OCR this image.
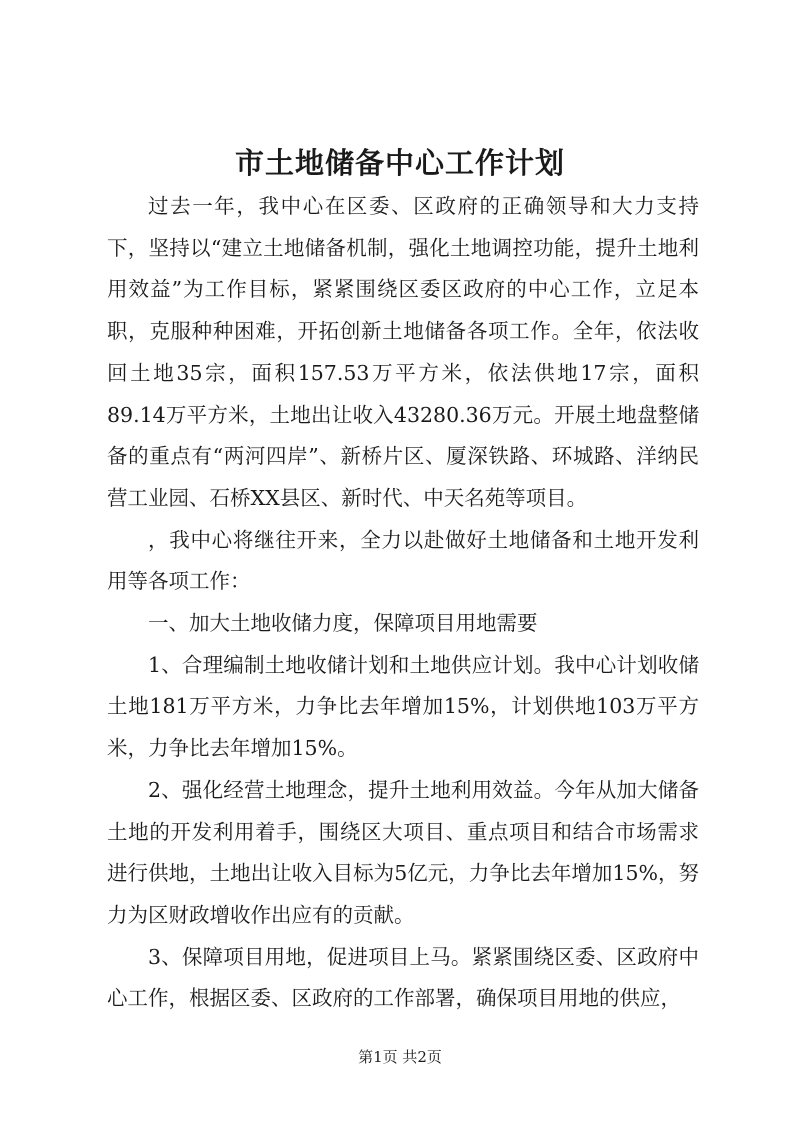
市土地储备中心工作计划

过去一年，我中心在区委、区政府的正确领导和大力支持下，坚持以“建立土地储备机制，强化土地调控功能，提升土地利用效益”为工作目标，紧紧围绕区委区政府的中心工作，立足本职，克服种种困难，开拓创新土地储备各项工作。全年，依法收回土地35宗，面积157.53万平方米，依法供地17宗，面积89.14万平方米，土地出让收入43280.36万元。开展土地盘整储备的重点有“两河四岸”、新桥片区、厦深铁路、环城路、洋纳民营工业园、石桥XX县区、新时代、中天名苑等项目。

，我中心将继往开来，全力以赴做好土地储备和土地开发利用等各项工作：

一、加大土地收储力度，保障项目用地需要

1、合理编制土地收储计划和土地供应计划。我中心计划收储土地181万平方米，力争比去年增加15%，计划供地103万平方米，力争比去年增加15%。

2、强化经营土地理念，提升土地利用效益。今年从加大储备土地的开发利用着手，围绕区大项目、重点项目和结合市场需求进行供地，土地出让收入目标为5亿元，力争比去年增加15%，努力为区财政增收作出应有的贡献。

3、保障项目用地，促进项目上马。紧紧围绕区委、区政府中心工作，根据区委、区政府的工作部署，确保项目用地的供应，

第1页 共2页
